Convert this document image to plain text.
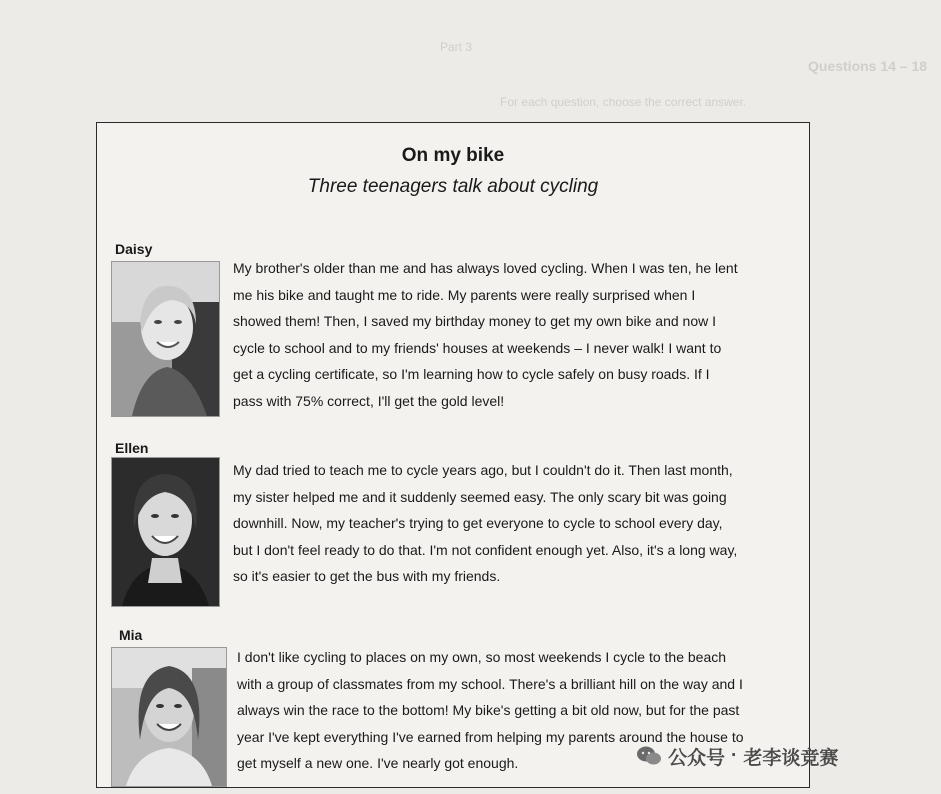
Part 3
Questions 14 – 18
For each question, choose the correct answer.
On my bike
Three teenagers talk about cycling
Daisy
My brother's older than me and has always loved cycling. When I was ten, he lent
me his bike and taught me to ride. My parents were really surprised when I
showed them! Then, I saved my birthday money to get my own bike and now I
cycle to school and to my friends' houses at weekends – I never walk! I want to
get a cycling certificate, so I'm learning how to cycle safely on busy roads. If I
pass with 75% correct, I'll get the gold level!
Ellen
My dad tried to teach me to cycle years ago, but I couldn't do it. Then last month,
my sister helped me and it suddenly seemed easy. The only scary bit was going
downhill. Now, my teacher's trying to get everyone to cycle to school every day,
but I don't feel ready to do that. I'm not confident enough yet. Also, it's a long way,
so it's easier to get the bus with my friends.
Mia
I don't like cycling to places on my own, so most weekends I cycle to the beach
with a group of classmates from my school. There's a brilliant hill on the way and I
always win the race to the bottom! My bike's getting a bit old now, but for the past
year I've kept everything I've earned from helping my parents around the house to
get myself a new one. I've nearly got enough.	公众号 · 老李谈竞赛
